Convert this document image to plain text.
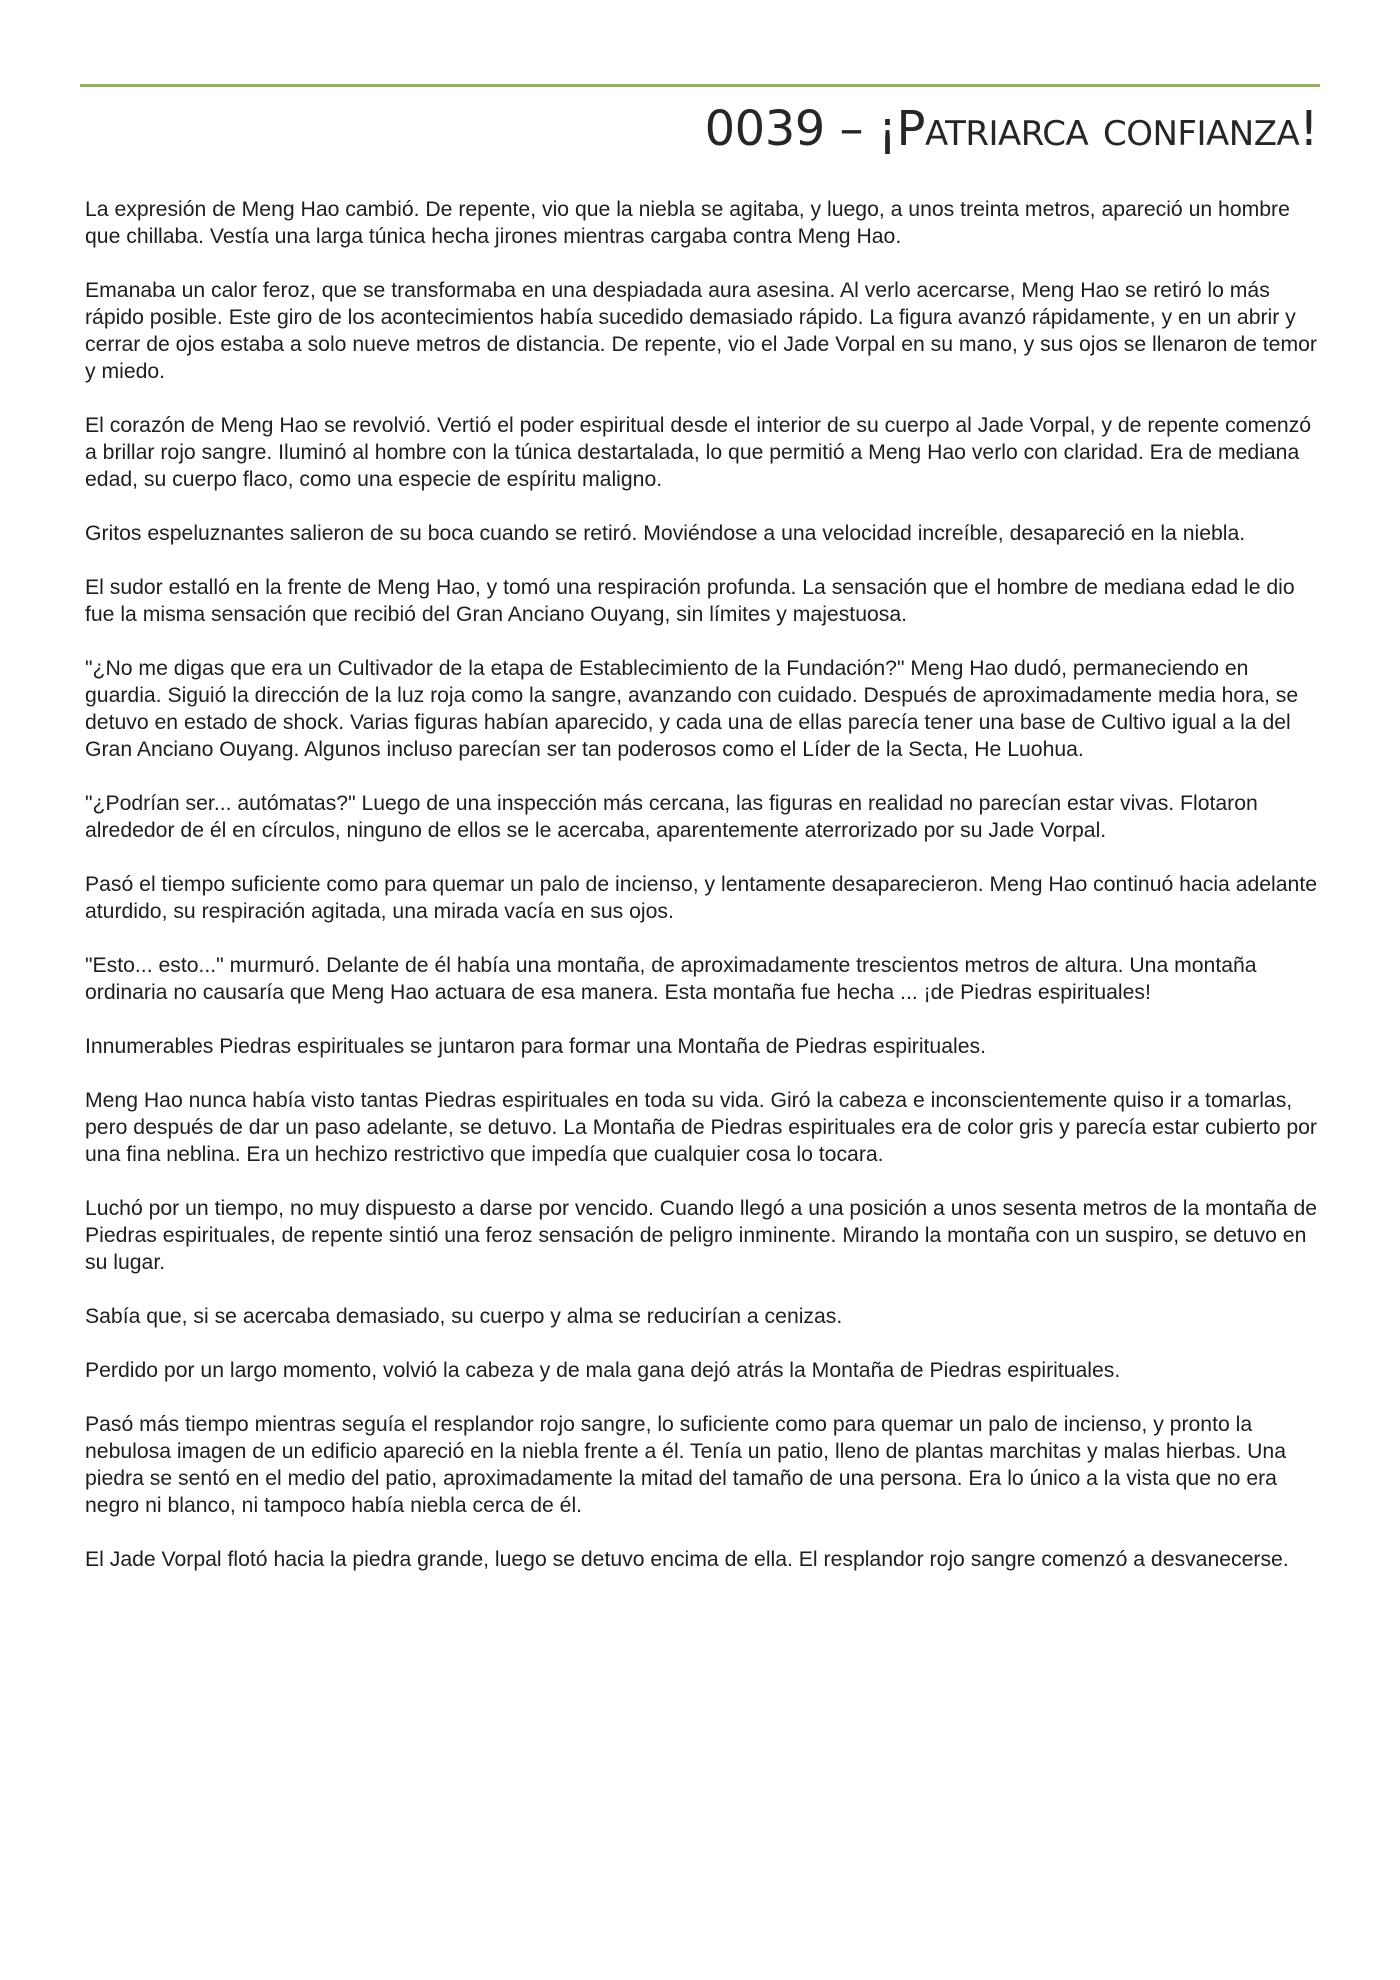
0039 – ¡Patriarca confianza!

La expresión de Meng Hao cambió. De repente, vio que la niebla se agitaba, y luego, a unos treinta metros, apareció un hombre que chillaba. Vestía una larga túnica hecha jirones mientras cargaba contra Meng Hao.

Emanaba un calor feroz, que se transformaba en una despiadada aura asesina. Al verlo acercarse, Meng Hao se retiró lo más rápido posible. Este giro de los acontecimientos había sucedido demasiado rápido. La figura avanzó rápidamente, y en un abrir y cerrar de ojos estaba a solo nueve metros de distancia. De repente, vio el Jade Vorpal en su mano, y sus ojos se llenaron de temor y miedo.

El corazón de Meng Hao se revolvió. Vertió el poder espiritual desde el interior de su cuerpo al Jade Vorpal, y de repente comenzó a brillar rojo sangre. Iluminó al hombre con la túnica destartalada, lo que permitió a Meng Hao verlo con claridad. Era de mediana edad, su cuerpo flaco, como una especie de espíritu maligno.

Gritos espeluznantes salieron de su boca cuando se retiró. Moviéndose a una velocidad increíble, desapareció en la niebla.

El sudor estalló en la frente de Meng Hao, y tomó una respiración profunda. La sensación que el hombre de mediana edad le dio fue la misma sensación que recibió del Gran Anciano Ouyang, sin límites y majestuosa.

"¿No me digas que era un Cultivador de la etapa de Establecimiento de la Fundación?" Meng Hao dudó, permaneciendo en guardia. Siguió la dirección de la luz roja como la sangre, avanzando con cuidado. Después de aproximadamente media hora, se detuvo en estado de shock. Varias figuras habían aparecido, y cada una de ellas parecía tener una base de Cultivo igual a la del Gran Anciano Ouyang. Algunos incluso parecían ser tan poderosos como el Líder de la Secta, He Luohua.

"¿Podrían ser... autómatas?" Luego de una inspección más cercana, las figuras en realidad no parecían estar vivas. Flotaron alrededor de él en círculos, ninguno de ellos se le acercaba, aparentemente aterrorizado por su Jade Vorpal.

Pasó el tiempo suficiente como para quemar un palo de incienso, y lentamente desaparecieron. Meng Hao continuó hacia adelante aturdido, su respiración agitada, una mirada vacía en sus ojos.

"Esto... esto..." murmuró. Delante de él había una montaña, de aproximadamente trescientos metros de altura. Una montaña ordinaria no causaría que Meng Hao actuara de esa manera. Esta montaña fue hecha ... ¡de Piedras espirituales!

Innumerables Piedras espirituales se juntaron para formar una Montaña de Piedras espirituales.

Meng Hao nunca había visto tantas Piedras espirituales en toda su vida. Giró la cabeza e inconscientemente quiso ir a tomarlas, pero después de dar un paso adelante, se detuvo. La Montaña de Piedras espirituales era de color gris y parecía estar cubierto por una fina neblina. Era un hechizo restrictivo que impedía que cualquier cosa lo tocara.

Luchó por un tiempo, no muy dispuesto a darse por vencido. Cuando llegó a una posición a unos sesenta metros de la montaña de Piedras espirituales, de repente sintió una feroz sensación de peligro inminente. Mirando la montaña con un suspiro, se detuvo en su lugar.

Sabía que, si se acercaba demasiado, su cuerpo y alma se reducirían a cenizas.

Perdido por un largo momento, volvió la cabeza y de mala gana dejó atrás la Montaña de Piedras espirituales.

Pasó más tiempo mientras seguía el resplandor rojo sangre, lo suficiente como para quemar un palo de incienso, y pronto la nebulosa imagen de un edificio apareció en la niebla frente a él. Tenía un patio, lleno de plantas marchitas y malas hierbas. Una piedra se sentó en el medio del patio, aproximadamente la mitad del tamaño de una persona. Era lo único a la vista que no era negro ni blanco, ni tampoco había niebla cerca de él.

El Jade Vorpal flotó hacia la piedra grande, luego se detuvo encima de ella. El resplandor rojo sangre comenzó a desvanecerse.
